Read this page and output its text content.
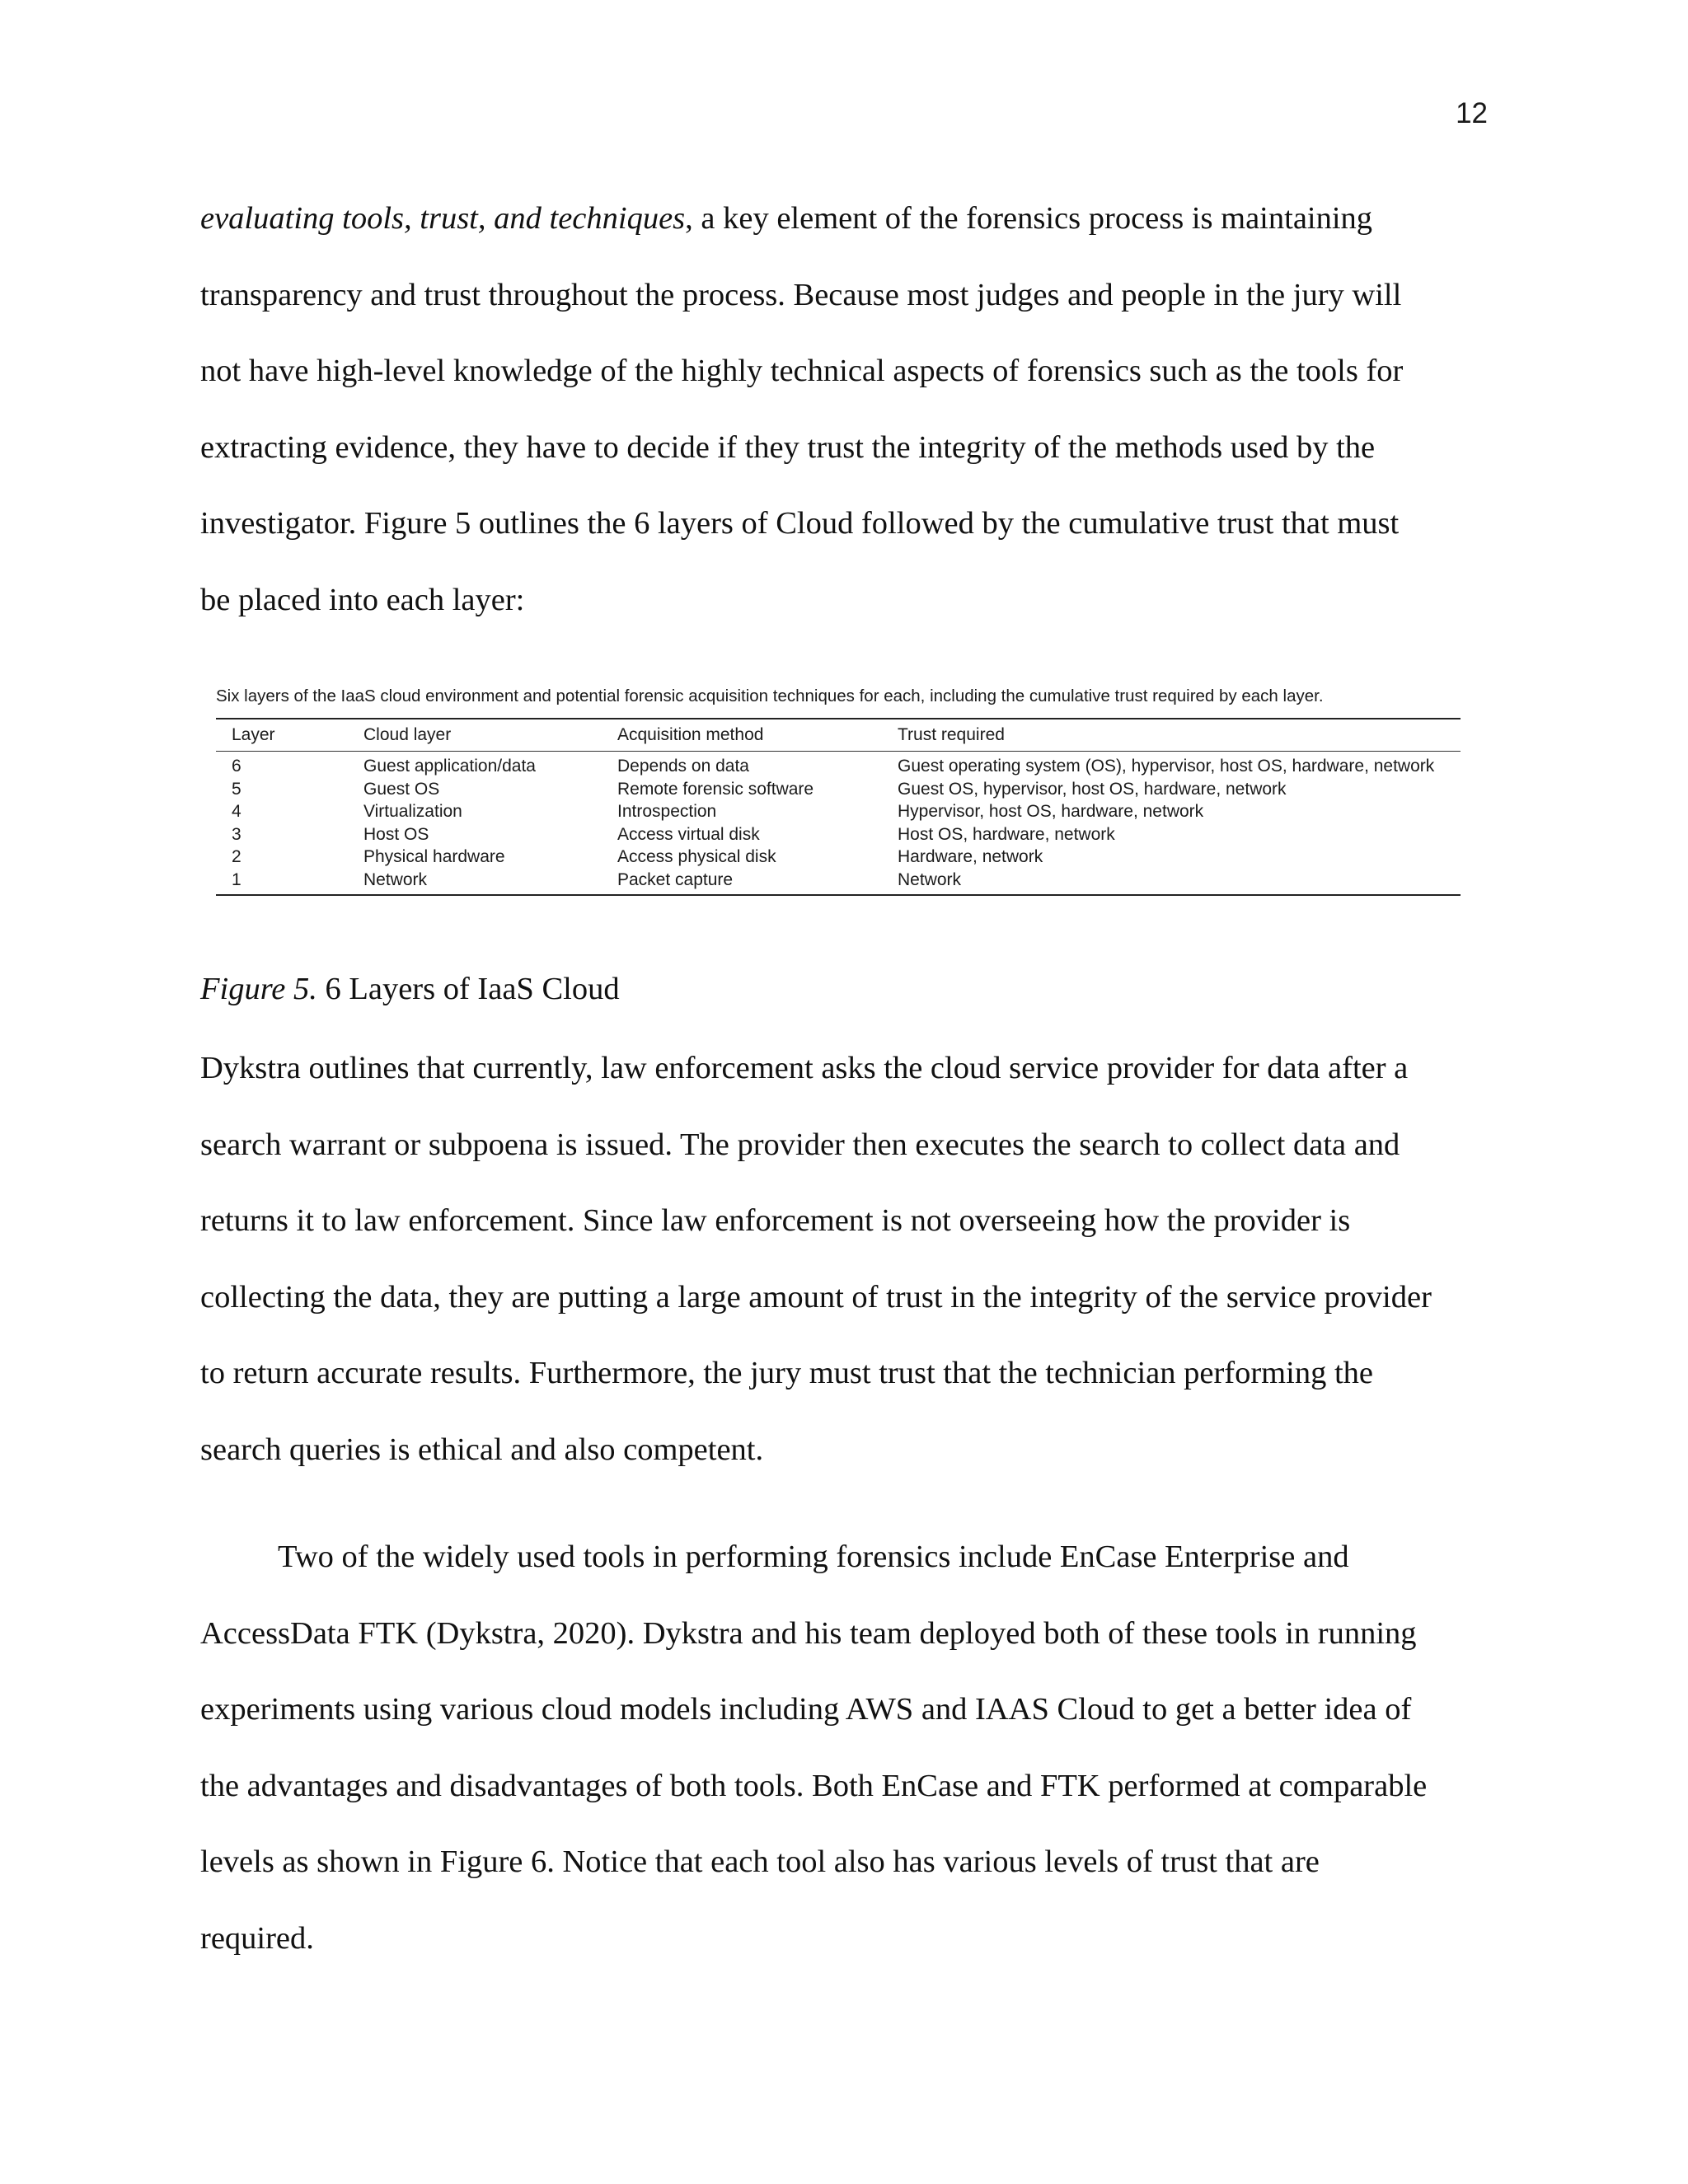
12
evaluating tools, trust, and techniques, a key element of the forensics process is maintaining
transparency and trust throughout the process. Because most judges and people in the jury will
not have high-level knowledge of the highly technical aspects of forensics such as the tools for
extracting evidence, they have to decide if they trust the integrity of the methods used by the
investigator. Figure 5 outlines the 6 layers of Cloud followed by the cumulative trust that must
be placed into each layer:
Six layers of the IaaS cloud environment and potential forensic acquisition techniques for each, including the cumulative trust required by each layer.
Layer	Cloud layer	Acquisition method	Trust required
6	Guest application/data	Depends on data	Guest operating system (OS), hypervisor, host OS, hardware, network
5	Guest OS	Remote forensic software	Guest OS, hypervisor, host OS, hardware, network
4	Virtualization	Introspection	Hypervisor, host OS, hardware, network
3	Host OS	Access virtual disk	Host OS, hardware, network
2	Physical hardware	Access physical disk	Hardware, network
1	Network	Packet capture	Network
Figure 5. 6 Layers of IaaS Cloud
Dykstra outlines that currently, law enforcement asks the cloud service provider for data after a
search warrant or subpoena is issued. The provider then executes the search to collect data and
returns it to law enforcement. Since law enforcement is not overseeing how the provider is
collecting the data, they are putting a large amount of trust in the integrity of the service provider
to return accurate results. Furthermore, the jury must trust that the technician performing the
search queries is ethical and also competent.
Two of the widely used tools in performing forensics include EnCase Enterprise and
AccessData FTK (Dykstra, 2020). Dykstra and his team deployed both of these tools in running
experiments using various cloud models including AWS and IAAS Cloud to get a better idea of
the advantages and disadvantages of both tools. Both EnCase and FTK performed at comparable
levels as shown in Figure 6. Notice that each tool also has various levels of trust that are
required.
